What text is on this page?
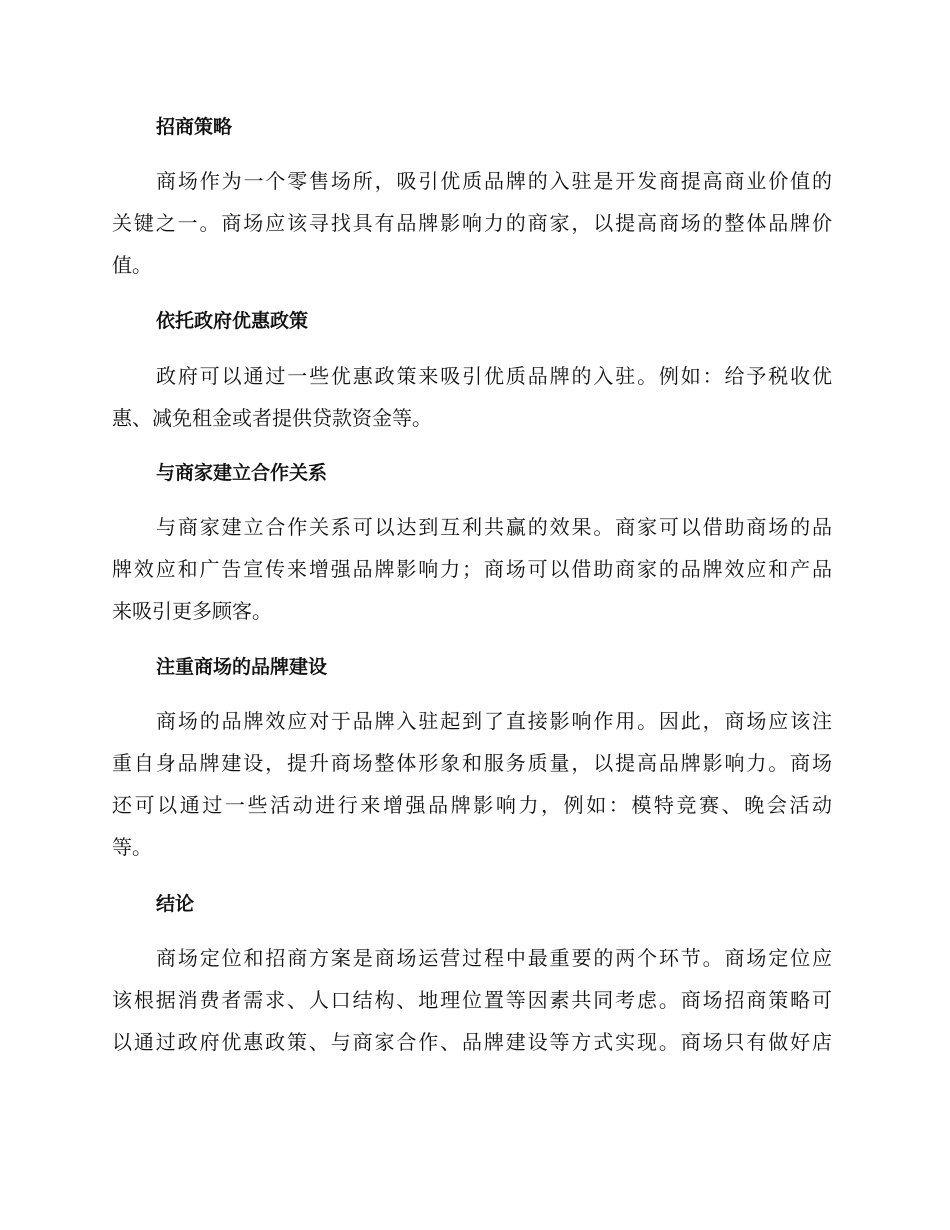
招商策略
商场作为一个零售场所，吸引优质品牌的入驻是开发商提高商业价值的
关键之一。商场应该寻找具有品牌影响力的商家，以提高商场的整体品牌价
值。
依托政府优惠政策
政府可以通过一些优惠政策来吸引优质品牌的入驻。例如：给予税收优
惠、减免租金或者提供贷款资金等。
与商家建立合作关系
与商家建立合作关系可以达到互利共赢的效果。商家可以借助商场的品
牌效应和广告宣传来增强品牌影响力；商场可以借助商家的品牌效应和产品
来吸引更多顾客。
注重商场的品牌建设
商场的品牌效应对于品牌入驻起到了直接影响作用。因此，商场应该注
重自身品牌建设，提升商场整体形象和服务质量，以提高品牌影响力。商场
还可以通过一些活动进行来增强品牌影响力，例如：模特竞赛、晚会活动
等。
结论
商场定位和招商方案是商场运营过程中最重要的两个环节。商场定位应
该根据消费者需求、人口结构、地理位置等因素共同考虑。商场招商策略可
以通过政府优惠政策、与商家合作、品牌建设等方式实现。商场只有做好店
